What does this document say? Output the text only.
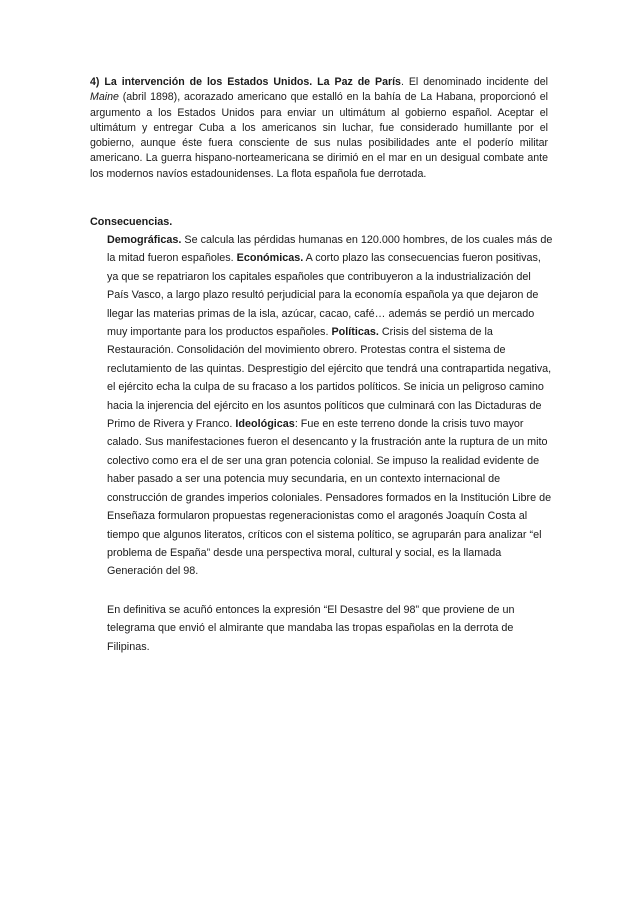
4) La intervención de los Estados Unidos. La Paz de París. El denominado incidente del Maine (abril 1898), acorazado americano que estalló en la bahía de La Habana, proporcionó el argumento a los Estados Unidos para enviar un ultimátum al gobierno español. Aceptar el ultimátum y entregar Cuba a los americanos sin luchar, fue considerado humillante por el gobierno, aunque éste fuera consciente de sus nulas posibilidades ante el poderío militar americano. La guerra hispano-norteamericana se dirimió en el mar en un desigual combate ante los modernos navíos estadounidenses. La flota española fue derrotada.
Consecuencias.

Demográficas. Se calcula las pérdidas humanas en 120.000 hombres, de los cuales más de la mitad fueron españoles. Económicas. A corto plazo las consecuencias fueron positivas, ya que se repatriaron los capitales españoles que contribuyeron a la industrialización del País Vasco, a largo plazo resultó perjudicial para la economía española ya que dejaron de llegar las materias primas de la isla, azúcar, cacao, café… además se perdió un mercado muy importante para los productos españoles. Políticas. Crisis del sistema de la Restauración. Consolidación del movimiento obrero. Protestas contra el sistema de reclutamiento de las quintas. Desprestigio del ejército que tendrá una contrapartida negativa, el ejército echa la culpa de su fracaso a los partidos políticos. Se inicia un peligroso camino hacia la injerencia del ejército en los asuntos políticos que culminará con las Dictaduras de Primo de Rivera y Franco. Ideológicas: Fue en este terreno donde la crisis tuvo mayor calado. Sus manifestaciones fueron el desencanto y la frustración ante la ruptura de un mito colectivo como era el de ser una gran potencia colonial. Se impuso la realidad evidente de haber pasado a ser una potencia muy secundaria, en un contexto internacional de construcción de grandes imperios coloniales. Pensadores formados en la Institución Libre de Enseñaza formularon propuestas regeneracionistas como el aragonés Joaquín Costa al tiempo que algunos literatos, críticos con el sistema político, se agruparán para analizar “el problema de España” desde una perspectiva moral, cultural y social, es la llamada Generación del 98.

En definitiva se acuñó entonces la expresión “El Desastre del 98” que proviene de un telegrama que envió el almirante que mandaba las tropas españolas en la derrota de Filipinas.
